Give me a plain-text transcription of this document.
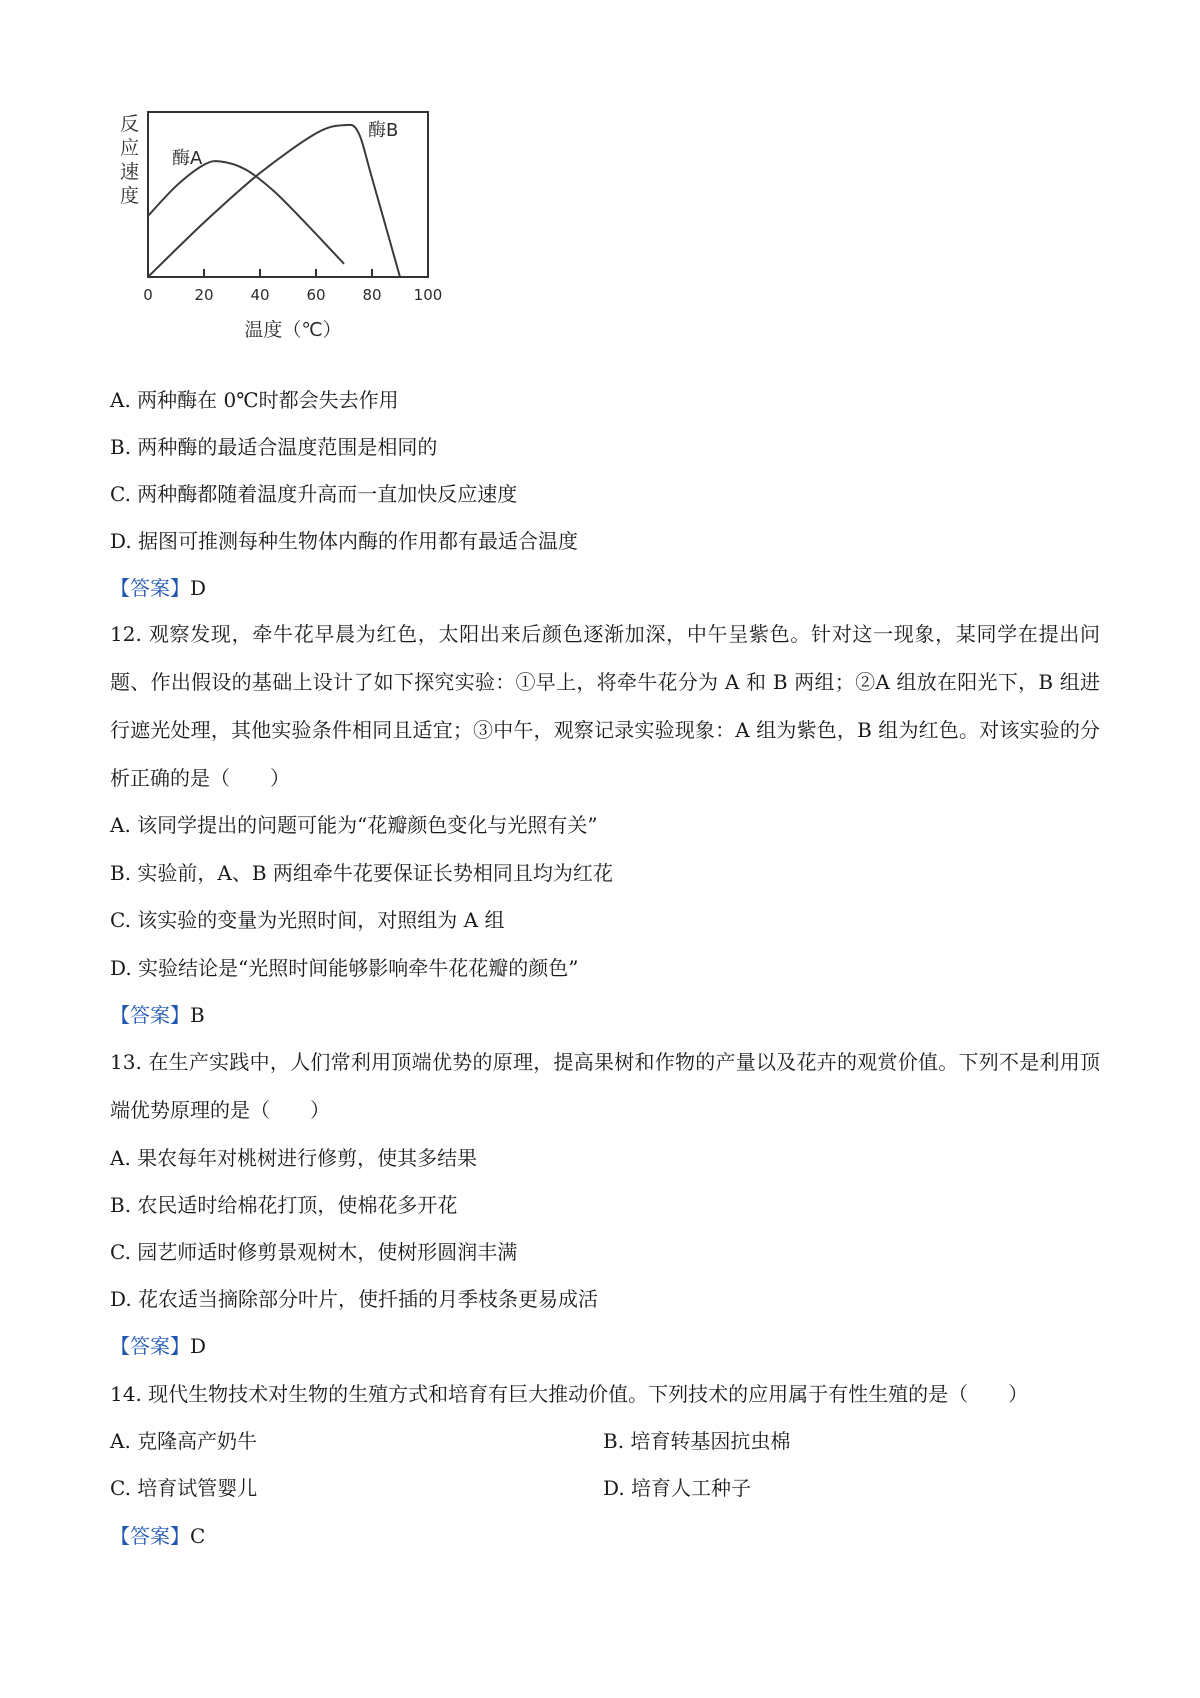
反
应
速
度
酶A
酶B
0	20 40 60 80 100
温度（℃）
A. 两种酶在 0℃时都会失去作用
B. 两种酶的最适合温度范围是相同的
C. 两种酶都随着温度升高而一直加快反应速度
D. 据图可推测每种生物体内酶的作用都有最适合温度
【答案】D
12. 观察发现，牵牛花早晨为红色，太阳出来后颜色逐渐加深，中午呈紫色。针对这一现象，某同学在提出问题、作出假设的基础上设计了如下探究实验：①早上，将牵牛花分为 A 和 B 两组；②A 组放在阳光下，B 组进行遮光处理，其他实验条件相同且适宜；③中午，观察记录实验现象：A 组为紫色，B 组为红色。对该实验的分析正确的是（　　）
A. 该同学提出的问题可能为“花瓣颜色变化与光照有关”
B. 实验前，A、B 两组牵牛花要保证长势相同且均为红花
C. 该实验的变量为光照时间，对照组为 A 组
D. 实验结论是“光照时间能够影响牵牛花花瓣的颜色”
【答案】B
13. 在生产实践中，人们常利用顶端优势的原理，提高果树和作物的产量以及花卉的观赏价值。下列不是利用顶端优势原理的是（　　）
A. 果农每年对桃树进行修剪，使其多结果
B. 农民适时给棉花打顶，使棉花多开花
C. 园艺师适时修剪景观树木，使树形圆润丰满
D. 花农适当摘除部分叶片，使扦插的月季枝条更易成活
【答案】D
14. 现代生物技术对生物的生殖方式和培育有巨大推动价值。下列技术的应用属于有性生殖的是（　　）
A. 克隆高产奶牛	B. 培育转基因抗虫棉
C. 培育试管婴儿	D. 培育人工种子
【答案】C
